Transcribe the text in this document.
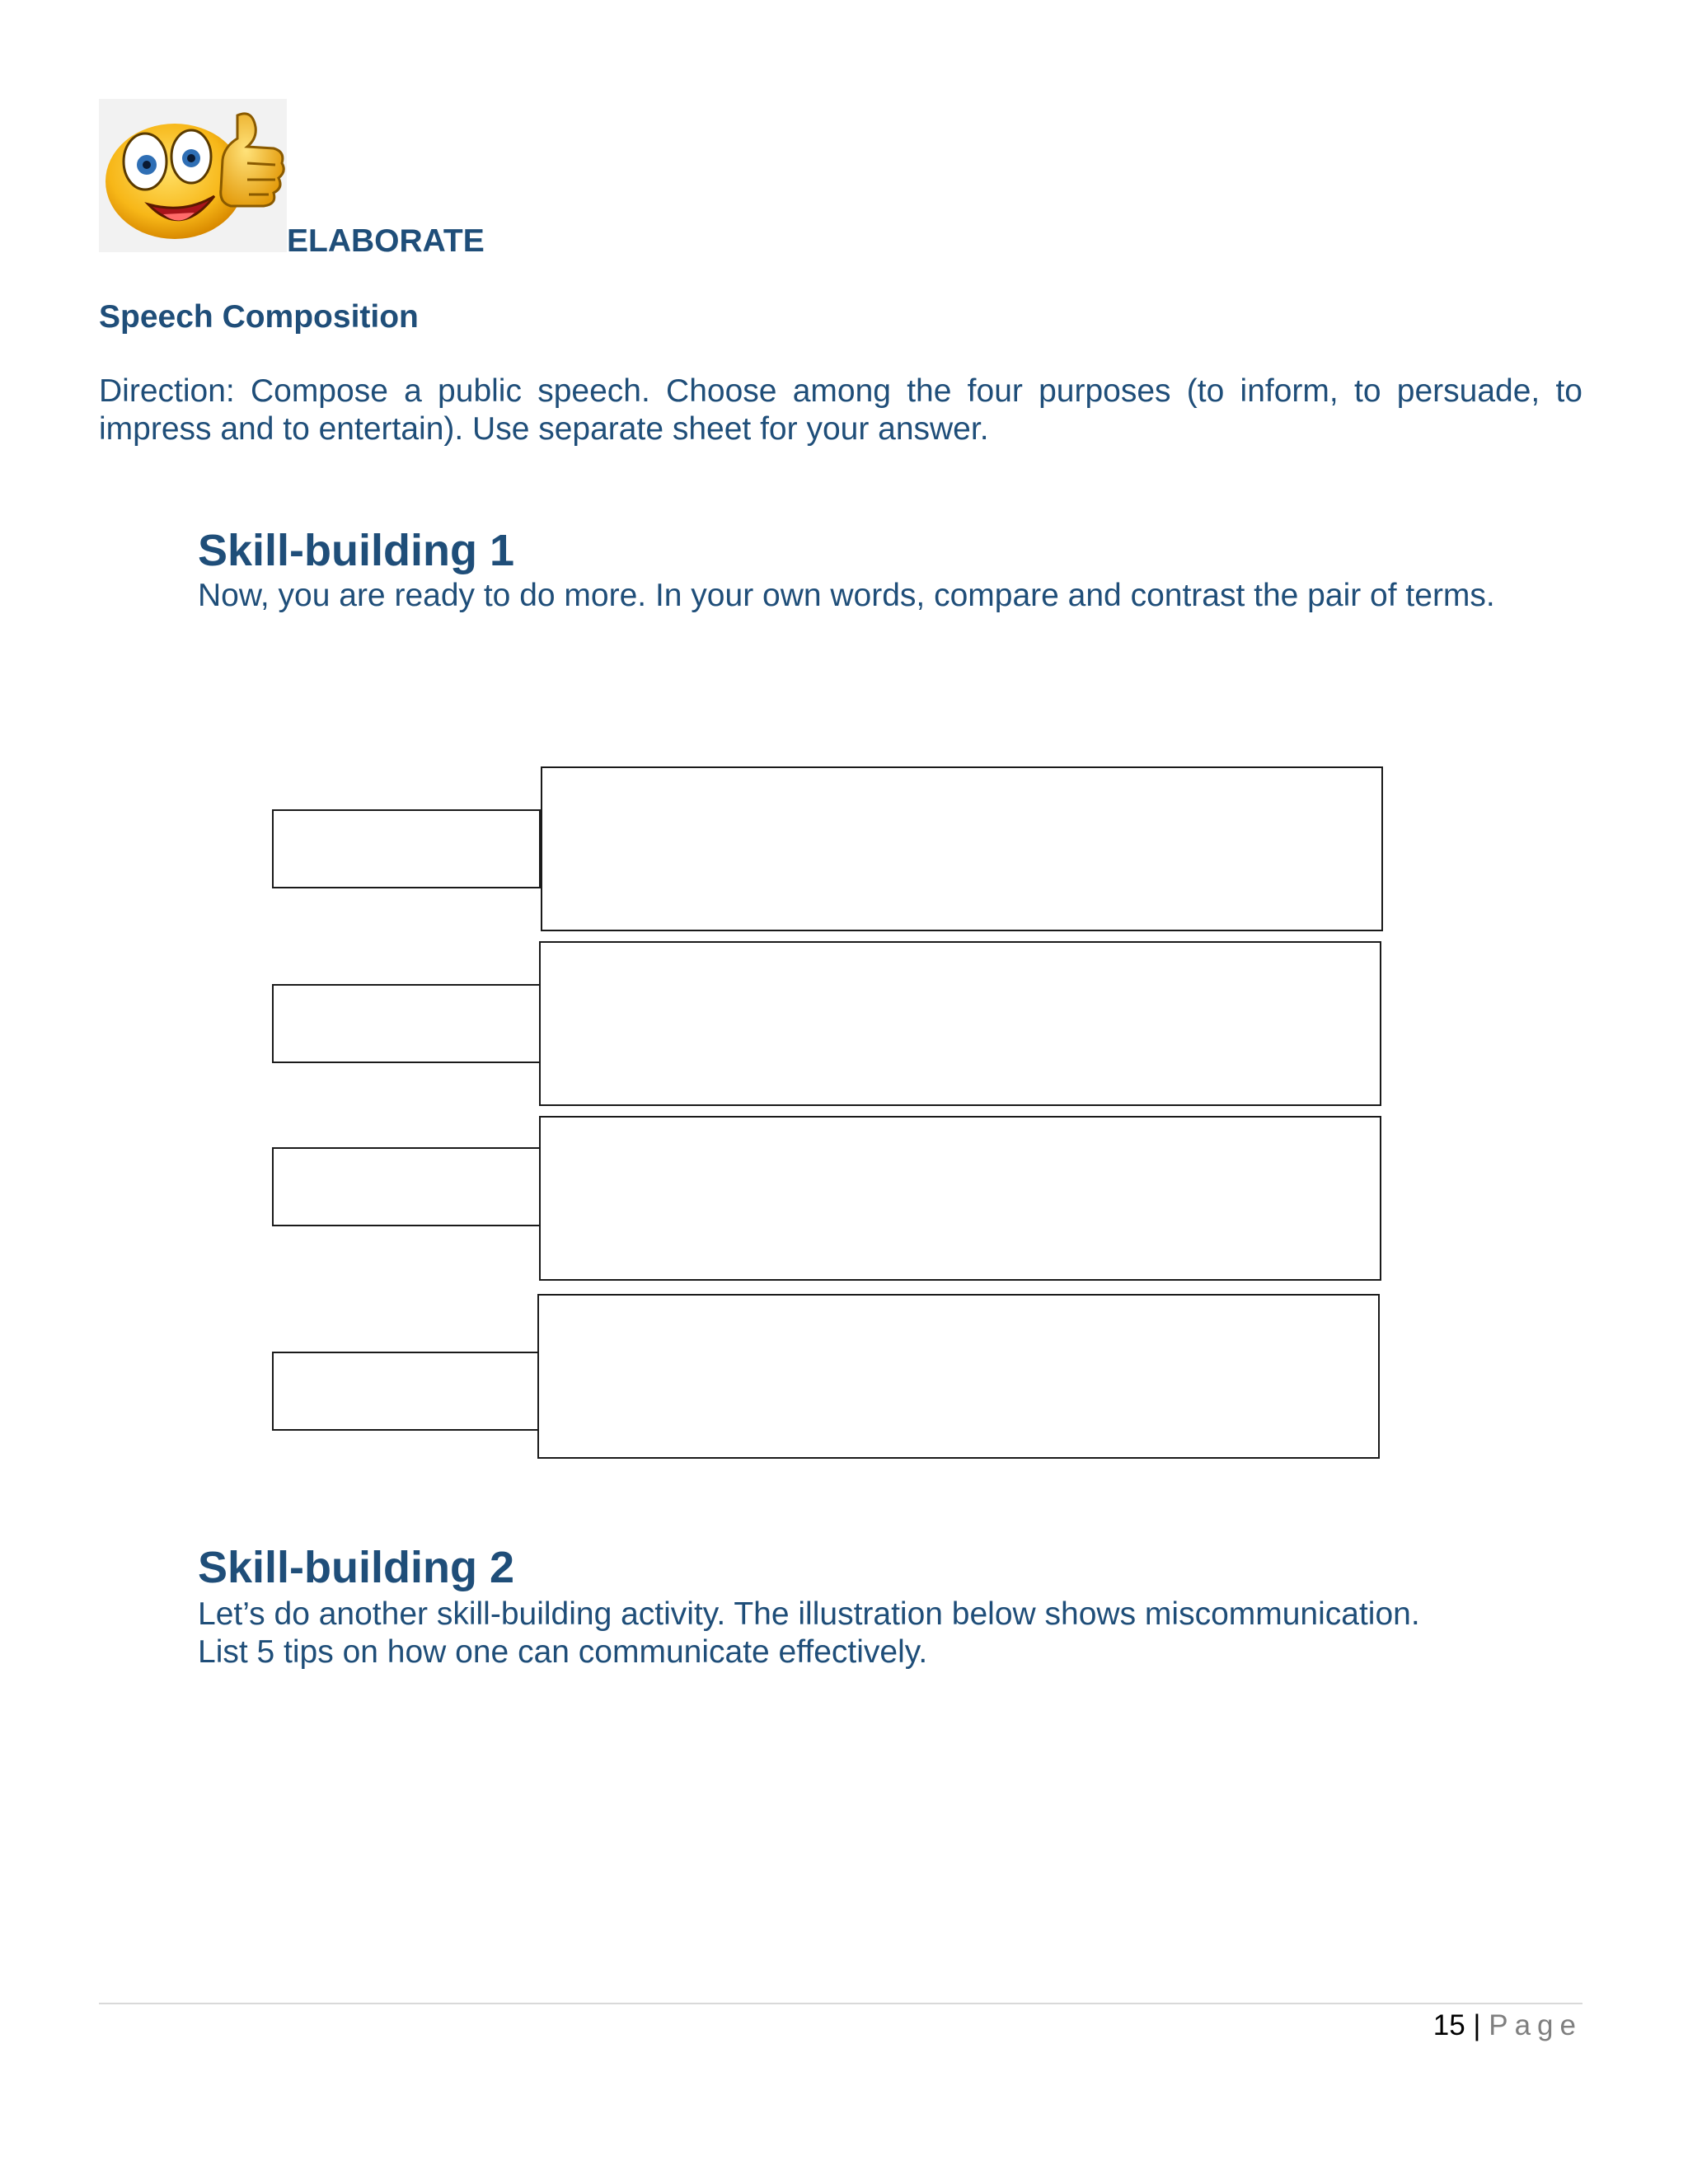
ELABORATE
Speech Composition
Direction: Compose a public speech. Choose among the four purposes (to inform, to persuade, to impress and to entertain). Use separate sheet for your answer.
Skill-building 1
Now, you are ready to do more. In your own words, compare and contrast the pair of terms.
Skill-building 2
Let’s do another skill-building activity. The illustration below shows miscommunication.
List 5 tips on how one can communicate effectively.
15 | Page
